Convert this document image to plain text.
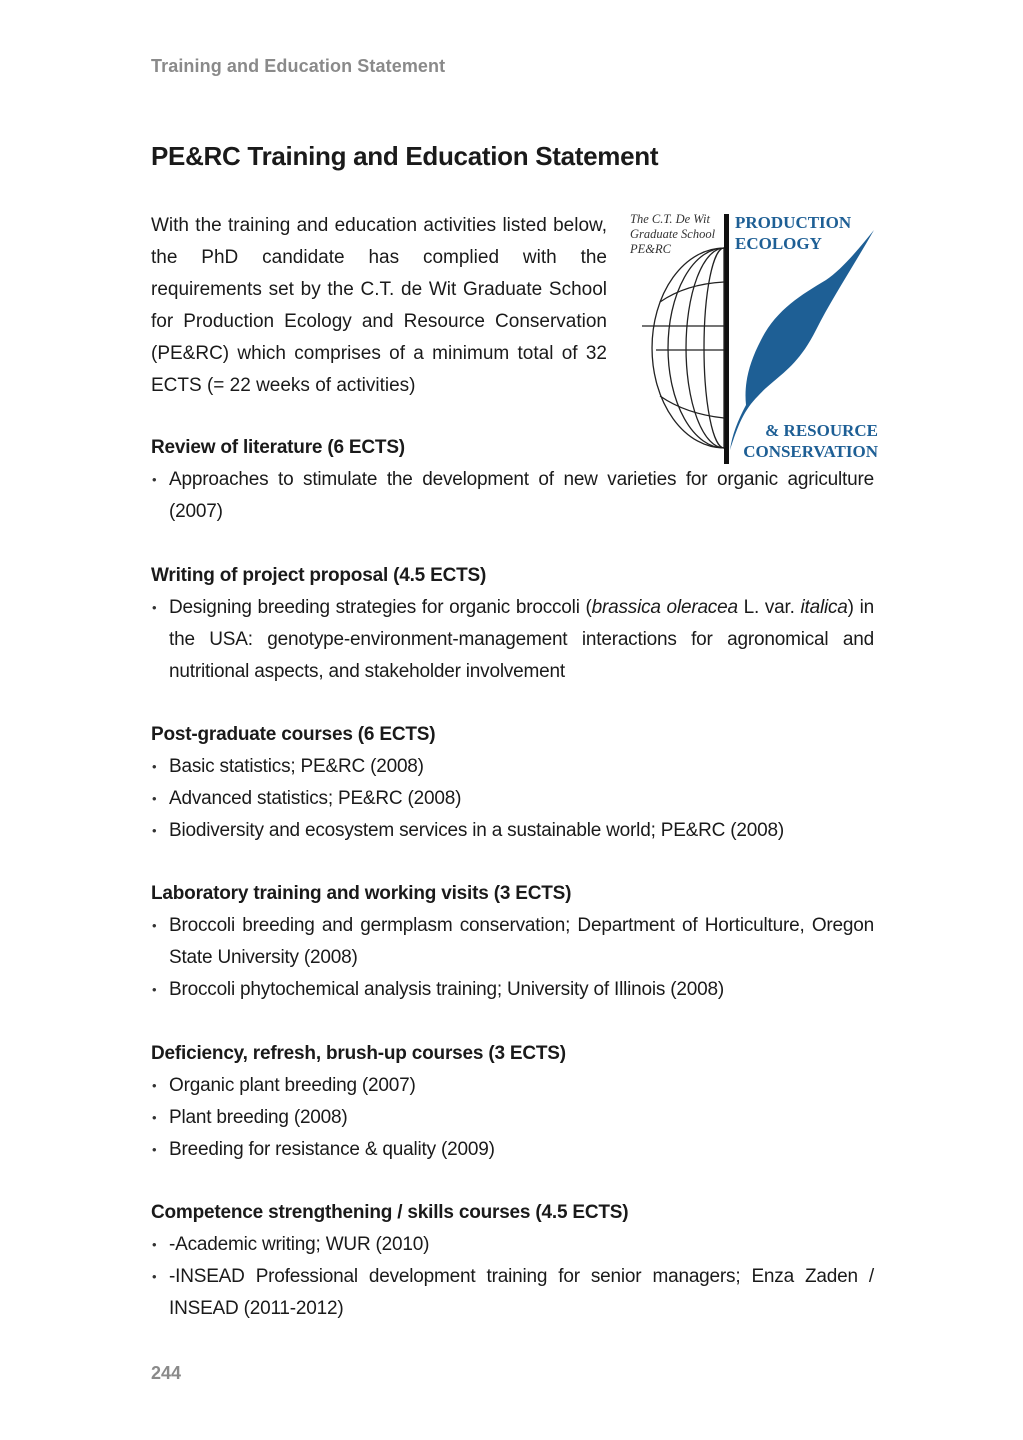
Training and Education Statement
PE&RC Training and Education Statement

With the training and education activities listed below, the PhD candidate has complied with the requirements set by the C.T. de Wit Graduate School for Production Ecology and Resource Conservation (PE&RC) which comprises of a minimum total of 32 ECTS (= 22 weeks of activities)

The C.T. De Wit
Graduate School
PE&RC
PRODUCTION
ECOLOGY
& RESOURCE
CONSERVATION
Review of literature (6 ECTS)
• Approaches to stimulate the development of new varieties for organic agriculture (2007)
Writing of project proposal (4.5 ECTS)
• Designing breeding strategies for organic broccoli (brassica oleracea L. var. italica) in the USA: genotype-environment-management interactions for agronomical and nutritional aspects, and stakeholder involvement
Post-graduate courses (6 ECTS)
• Basic statistics; PE&RC (2008)
• Advanced statistics; PE&RC (2008)
• Biodiversity and ecosystem services in a sustainable world; PE&RC (2008)
Laboratory training and working visits (3 ECTS)
• Broccoli breeding and germplasm conservation; Department of Horticulture, Oregon State University (2008)
• Broccoli phytochemical analysis training; University of Illinois (2008)
Deficiency, refresh, brush-up courses (3 ECTS)
• Organic plant breeding (2007)
• Plant breeding (2008)
• Breeding for resistance & quality (2009)
Competence strengthening / skills courses (4.5 ECTS)
• -Academic writing; WUR (2010)
• -INSEAD Professional development training for senior managers; Enza Zaden / INSEAD (2011-2012)
244
